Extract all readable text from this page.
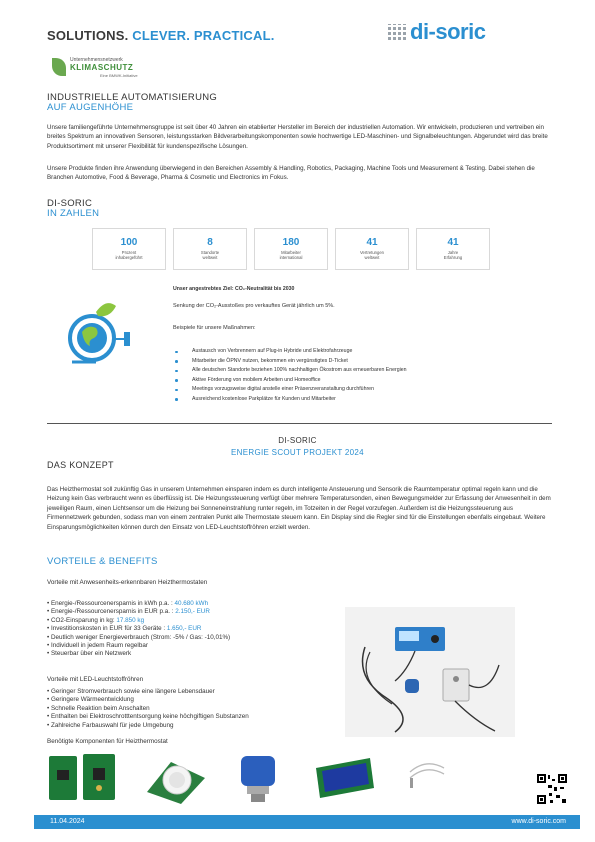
SOLUTIONS. CLEVER. PRACTICAL.	di-soric
Unternehmensnetzwerk
KLIMASCHUTZ
Eine BMWK-Initiative
INDUSTRIELLE AUTOMATISIERUNG
AUF AUGENHÖHE
Unsere familiengeführte Unternehmensgruppe ist seit über 40 Jahren ein etablierter Hersteller im Bereich der industriellen Automation. Wir entwickeln, produzieren und vertreiben ein breites Spektrum an innovativen Sensoren, leistungsstarken Bildverarbeitungskomponenten sowie hochwertige LED-Maschinen- und Signalbeleuchtungen. Abgerundet wird das breite Produktsortiment mit unserer Flexibilität für kundenspezifische Lösungen.
Unsere Produkte finden ihre Anwendung überwiegend in den Bereichen Assembly & Handling, Robotics, Packaging, Machine Tools und Measurement & Testing. Dabei stehen die Branchen Automotive, Food & Beverage, Pharma & Cosmetic und Electronics im Fokus.
DI-SORIC
IN ZAHLEN
100
Prozent
inhabergeführt
8
Standorte
weltweit
180
Mitarbeiter
international
41
Vertretungen
weltweit
41
Jahre
Erfahrung
Unser angestrebtes Ziel: CO₂-Neutralität bis 2030
Senkung der CO₂-Ausstoßes pro verkauftes Gerät jährlich um 5%.
Beispiele für unsere Maßnahmen:
Austausch von Verbrennern auf Plug-in Hybride und Elektrofahrzeuge
Mitarbeiter die ÖPNV nutzen, bekommen ein vergünstigtes D-Ticket
Alle deutschen Standorte beziehen 100% nachhaltigen Ökostrom aus erneuerbaren Energien
Aktive Förderung von mobilem Arbeiten und Homeoffice
Meetings vorzugsweise digital anstelle einer Präsenzveranstaltung durchführen
Ausreichend kostenlose Parkplätze für Kunden und Mitarbeiter
DI-SORIC
ENERGIE SCOUT PROJEKT 2024
DAS KONZEPT
Das Heizthermostat soll zukünftig Gas in unserem Unternehmen einsparen indem es durch intelligente Ansteuerung und Sensorik die Raumtemperatur optimal regeln kann und die Heizung kein Gas verbraucht wenn es überflüssig ist. Die Heizungssteuerung verfügt über mehrere Temperatursonden, einen Bewegungsmelder zur Erfassung der Anwesenheit in dem jeweiligen Raum, einen Lichtsensor um die Heizung bei Sonneneinstrahlung runter regeln, im Totzeiten in der Regel vorzufegen. Außerdem ist die Heizungssteuerung aus Firmennetzwerk gebunden, sodass man von einem zentralen Punkt alle Thermostate steuern kann. Ein Display sind die Regler sind für die Einstellungen ebenfalls eingebaut. Weitere Einsparungsmöglichkeiten können durch den Einsatz von LED-Leuchtstoffröhren erzielt werden.
VORTEILE & BENEFITS
Vorteile mit Anwesenheits-erkennbaren Heizthermostaten
• Energie-/Ressourcenersparnis in kWh p.a. : 40.680 kWh
• Energie-/Ressourcenersparnis in EUR p.a. : 2.150,- EUR
• CO2-Einsparung in kg: 17.850 kg
• Investitionskosten in EUR für 33 Geräte : 1.650,- EUR
• Deutlich weniger Energieverbrauch (Strom: -5% / Gas: -10,01%)
• Individuell in jedem Raum regelbar
• Steuerbar über ein Netzwerk
Vorteile mit LED-Leuchtstoffröhren
• Geringer Stromverbrauch sowie eine längere Lebensdauer
• Geringere Wärmeentwicklung
• Schnelle Reaktion beim Anschalten
• Enthalten bei Elektroschrotttentsorgung keine höchgiftigen Substanzen
• Zahlreiche Farbauswahl für jede Umgebung
Benötigte Komponenten für Heizthermostat
11.04.2024	www.di-soric.com
